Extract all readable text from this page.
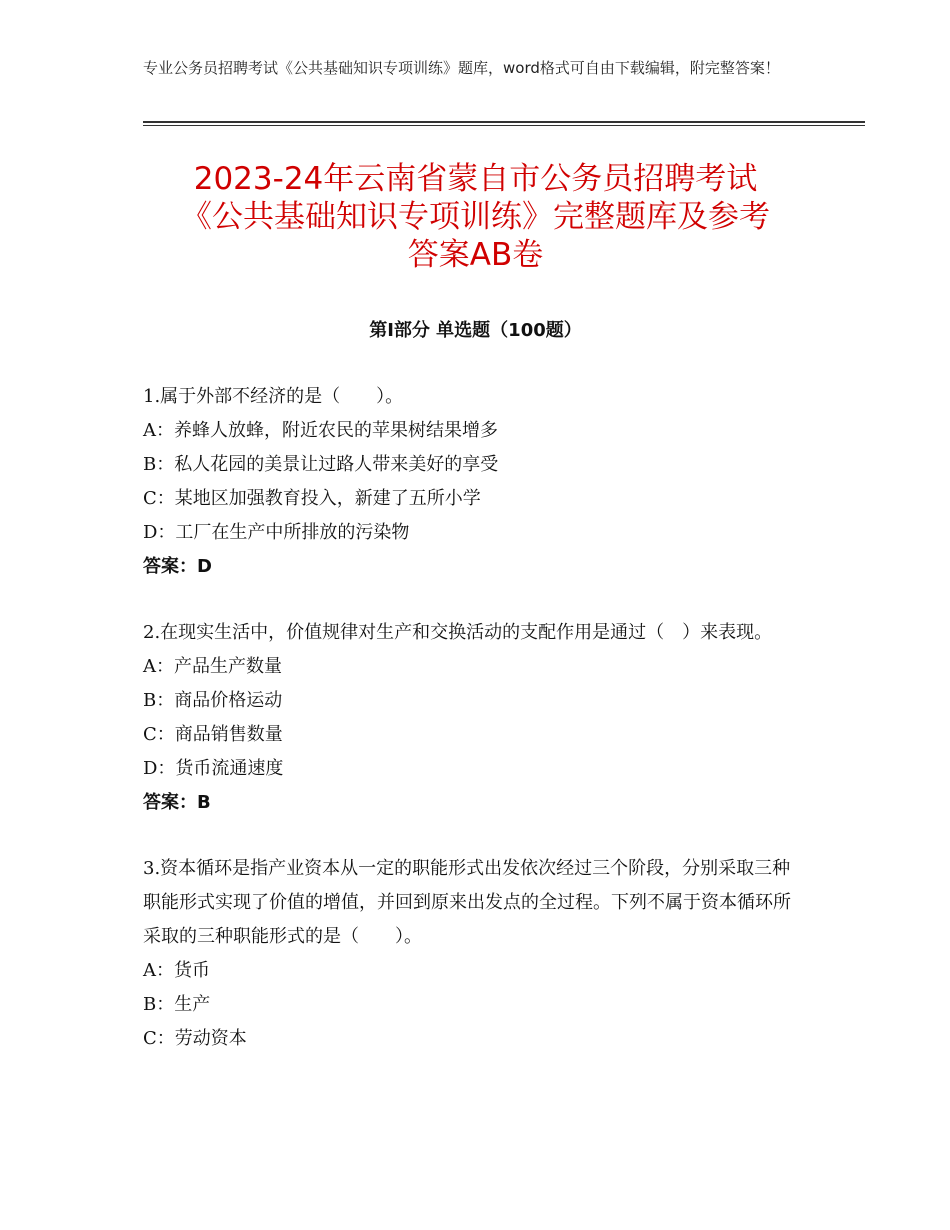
专业公务员招聘考试《公共基础知识专项训练》题库，word格式可自由下载编辑，附完整答案！
2023-24年云南省蒙自市公务员招聘考试
《公共基础知识专项训练》完整题库及参考
答案AB卷
第I部分 单选题（100题）
1.属于外部不经济的是（　　）。
A：养蜂人放蜂，附近农民的苹果树结果增多
B：私人花园的美景让过路人带来美好的享受
C：某地区加强教育投入，新建了五所小学
D：工厂在生产中所排放的污染物
答案：D
2.在现实生活中，价值规律对生产和交换活动的支配作用是通过（　）来表现。
A：产品生产数量
B：商品价格运动
C：商品销售数量
D：货币流通速度
答案：B
3.资本循环是指产业资本从一定的职能形式出发依次经过三个阶段，分别采取三种职能形式实现了价值的增值，并回到原来出发点的全过程。下列不属于资本循环所采取的三种职能形式的是（　　）。
A：货币
B：生产
C：劳动资本
